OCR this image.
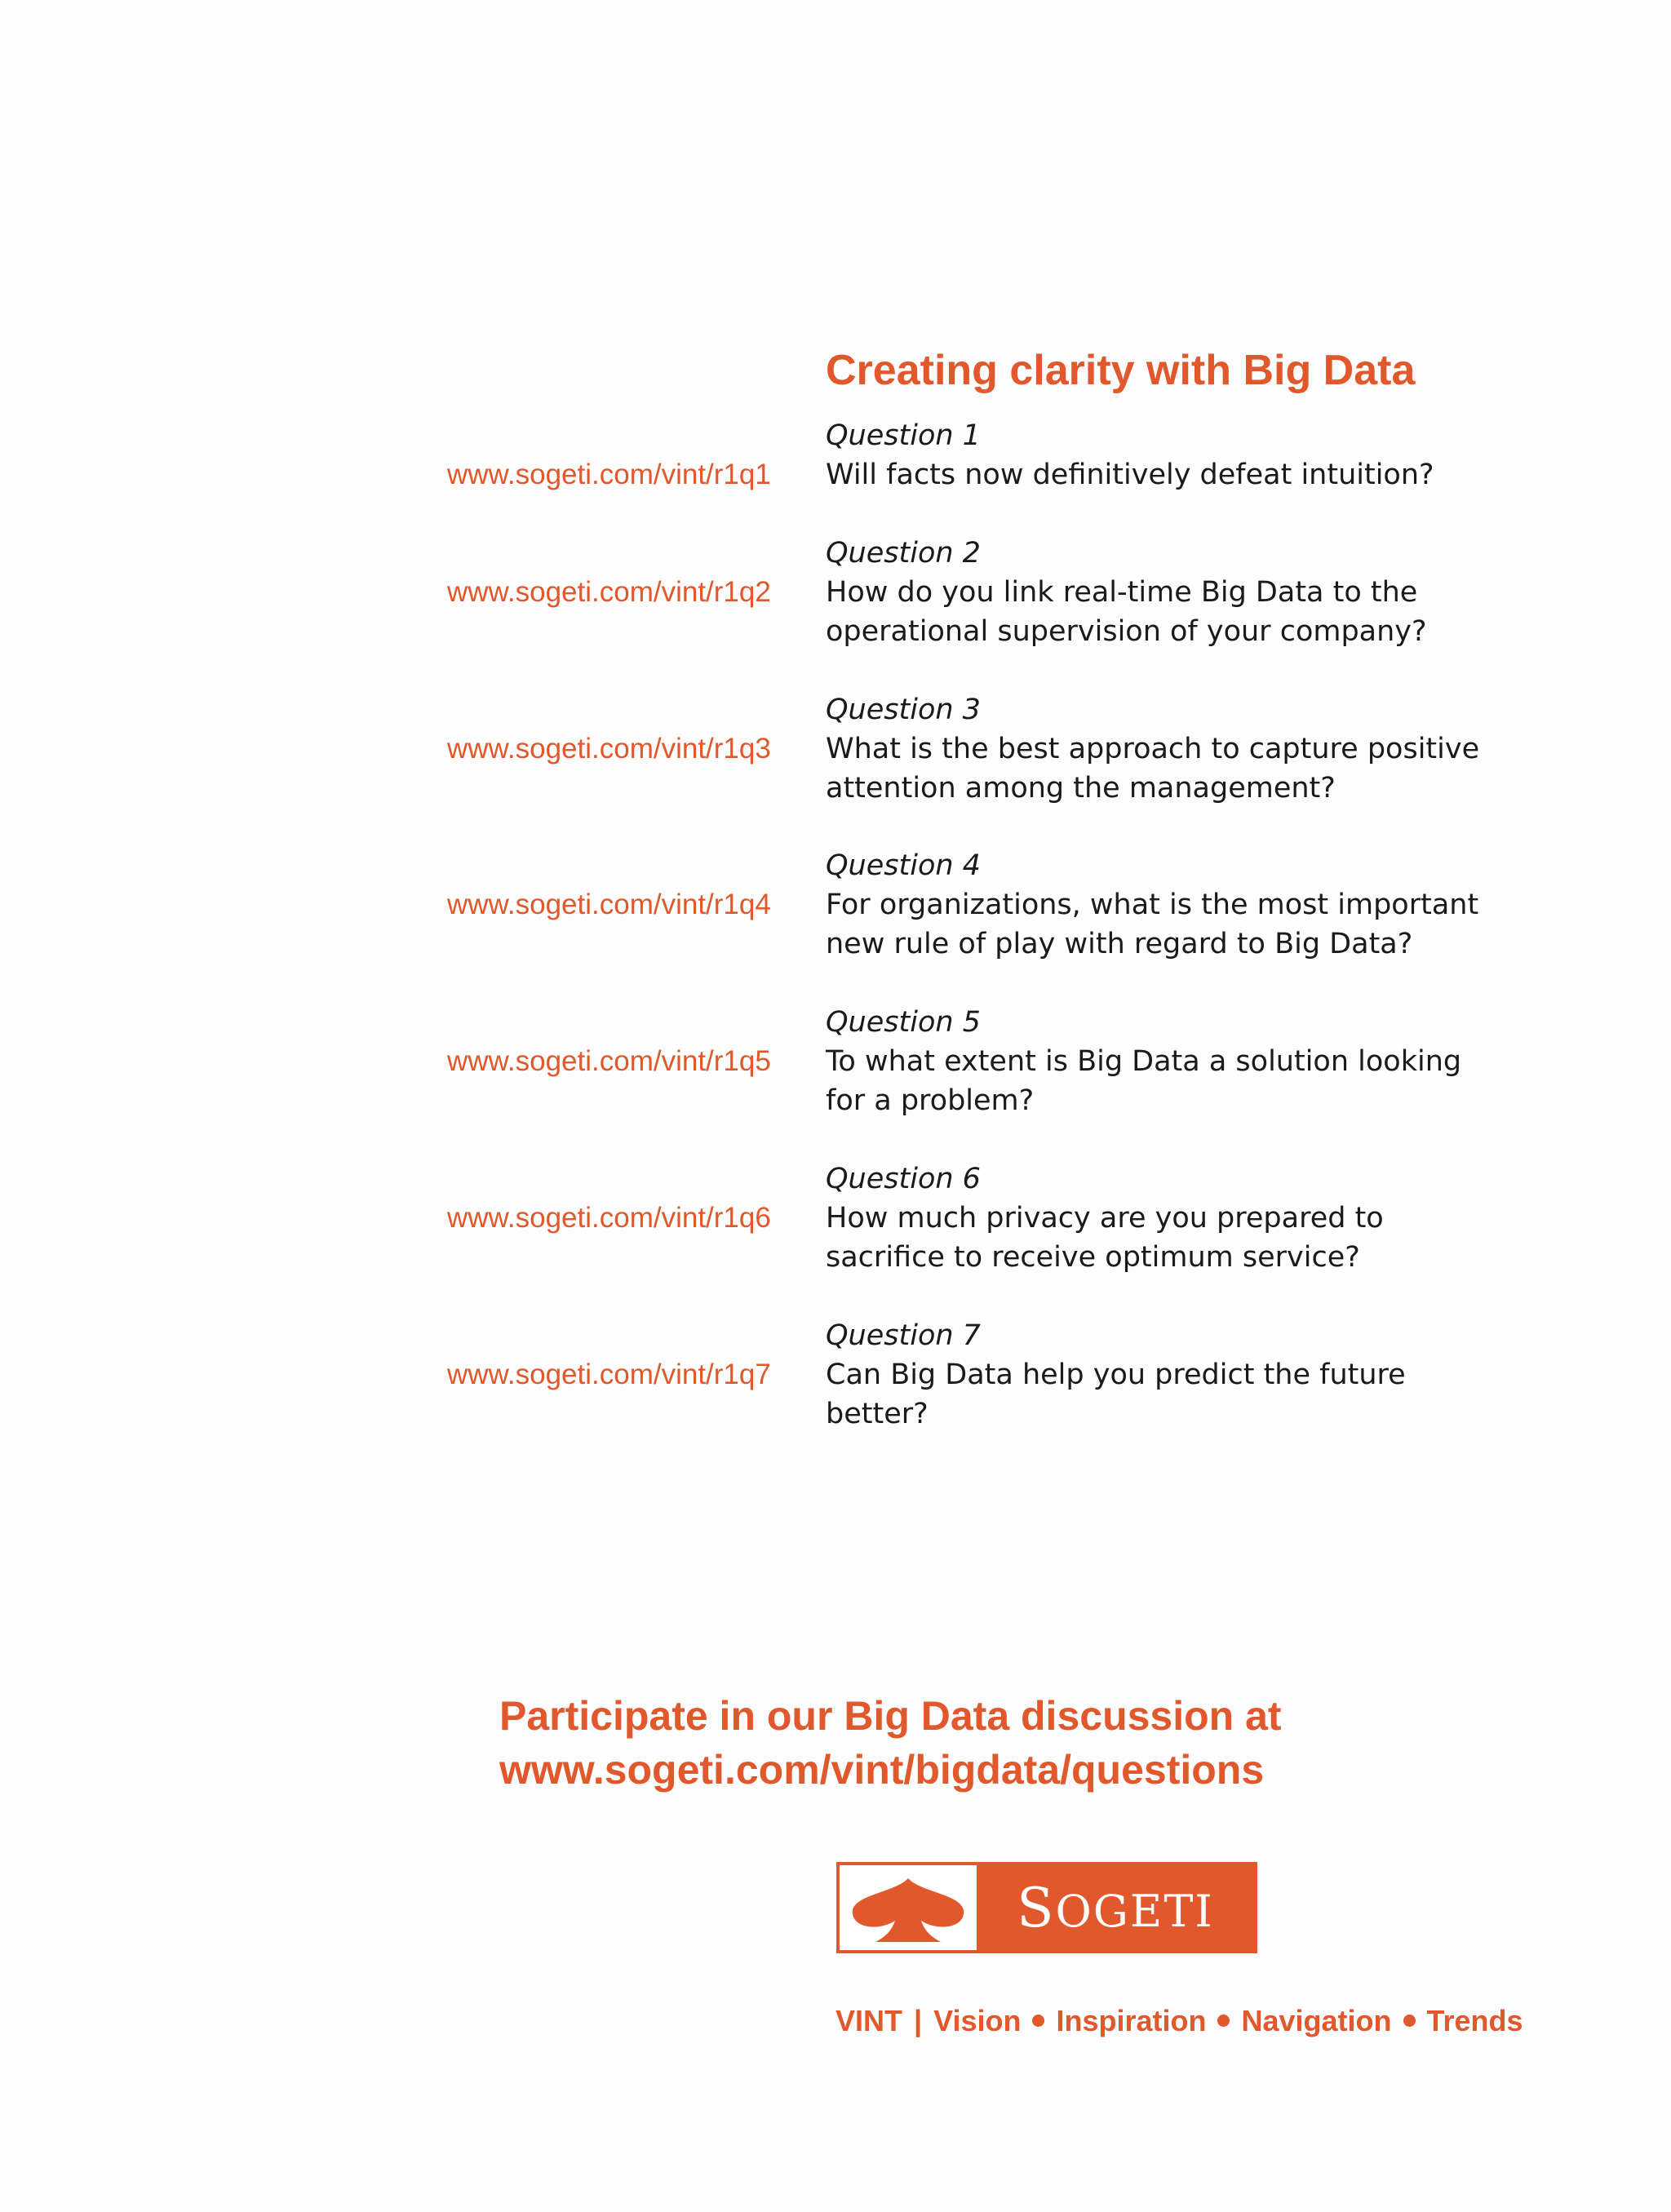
Creating clarity with Big Data
Question 1
www.sogeti.com/vint/r1q1 Will facts now definitively defeat intuition?
Question 2
www.sogeti.com/vint/r1q2 How do you link real-time Big Data to the operational supervision of your company?
Question 3
www.sogeti.com/vint/r1q3 What is the best approach to capture positive attention among the management?
Question 4
www.sogeti.com/vint/r1q4 For organizations, what is the most important new rule of play with regard to Big Data?
Question 5
www.sogeti.com/vint/r1q5 To what extent is Big Data a solution looking for a problem?
Question 6
www.sogeti.com/vint/r1q6 How much privacy are you prepared to sacrifice to receive optimum service?
Question 7
www.sogeti.com/vint/r1q7 Can Big Data help you predict the future better?
Participate in our Big Data discussion at
www.sogeti.com/vint/bigdata/questions
SOGETI
VINT | Vision Inspiration Navigation Trends
